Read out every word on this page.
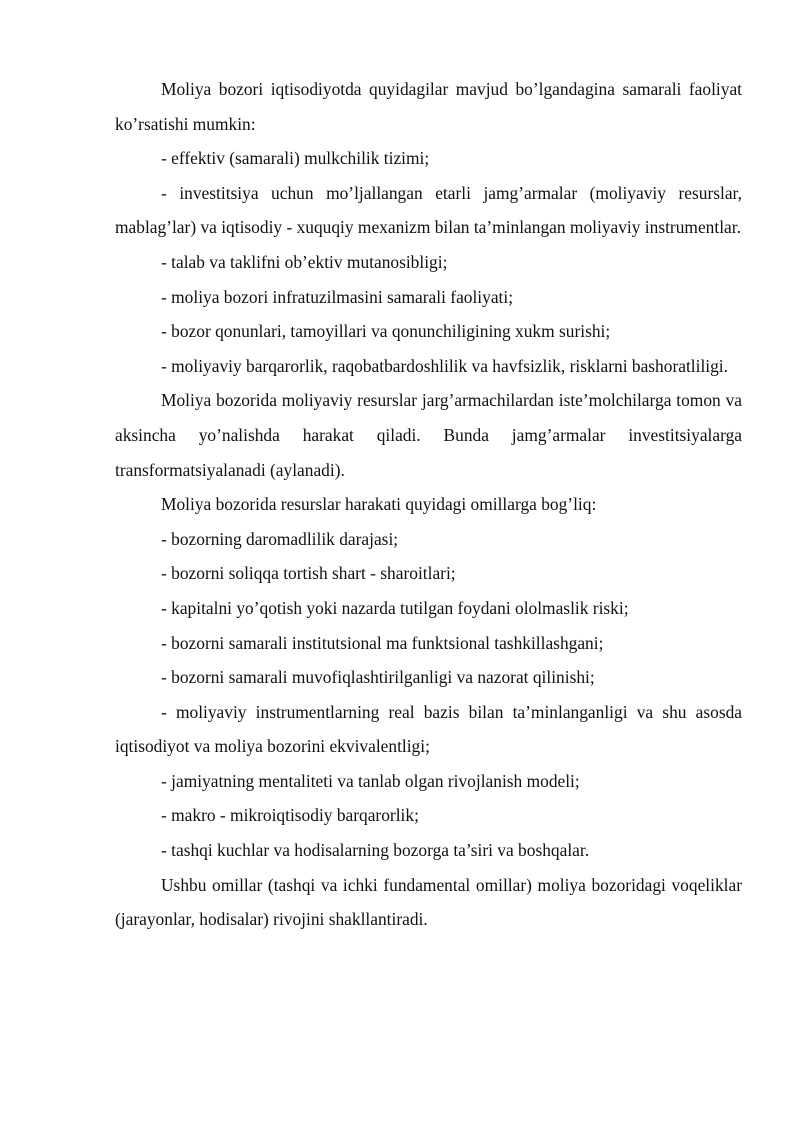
Moliya bozori iqtisodiyotda quyidagilar mavjud bo’lgandagina samarali faoliyat ko’rsatishi mumkin:

- effektiv (samarali) mulkchilik tizimi;

- investitsiya uchun mo’ljallangan etarli jamg’armalar (moliyaviy resurslar, mablag’lar) va iqtisodiy - xuquqiy mexanizm bilan ta’minlangan moliyaviy instrumentlar.

- talab va taklifni ob’ektiv mutanosibligi;

- moliya bozori infratuzilmasini samarali faoliyati;

- bozor qonunlari, tamoyillari va qonunchiligining xukm surishi;

- moliyaviy barqarorlik, raqobatbardoshlilik va havfsizlik, risklarni bashoratliligi.

Moliya bozorida moliyaviy resurslar jarg’armachilardan iste’molchilarga tomon va aksincha yo’nalishda harakat qiladi. Bunda jamg’armalar investitsiyalarga transformatsiyalanadi (aylanadi).

Moliya bozorida resurslar harakati quyidagi omillarga bog’liq:

- bozorning daromadlilik darajasi;

- bozorni soliqqa tortish shart - sharoitlari;

- kapitalni yo’qotish yoki nazarda tutilgan foydani ololmaslik riski;

- bozorni samarali institutsional ma funktsional tashkillashgani;

- bozorni samarali muvofiqlashtirilganligi va nazorat qilinishi;

- moliyaviy instrumentlarning real bazis bilan ta’minlanganligi va shu asosda iqtisodiyot va moliya bozorini ekvivalentligi;

- jamiyatning mentaliteti va tanlab olgan rivojlanish modeli;

- makro - mikroiqtisodiy barqarorlik;

- tashqi kuchlar va hodisalarning bozorga ta’siri va boshqalar.

Ushbu omillar (tashqi va ichki fundamental omillar) moliya bozoridagi voqeliklar (jarayonlar, hodisalar) rivojini shakllantiradi.
